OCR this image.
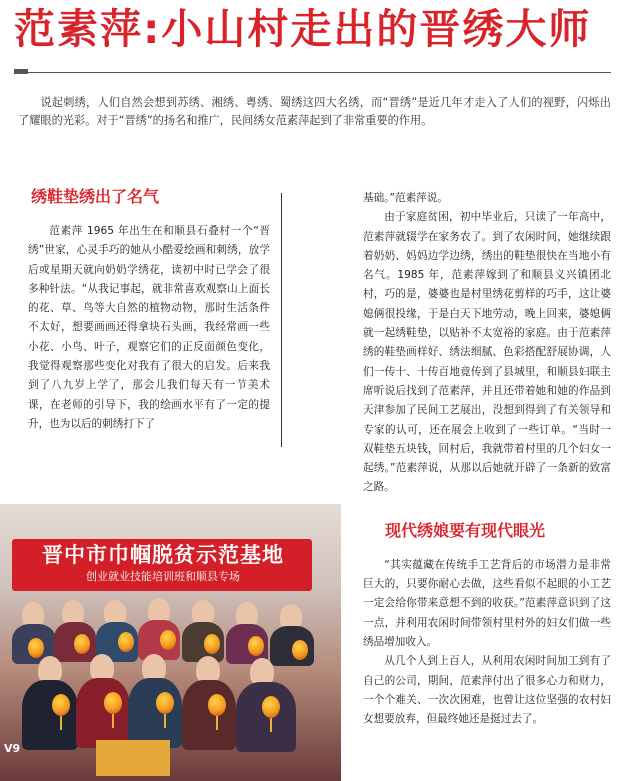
范素萍:小山村走出的晋绣大师

说起刺绣，人们自然会想到苏绣、湘绣、粤绣、蜀绣这四大名绣，而“晋绣”是近几年才走入了人们的视野，闪烁出了耀眼的光彩。对于“晋绣”的扬名和推广，民间绣女范素萍起到了非常重要的作用。

绣鞋垫绣出了名气

范素萍 1965 年出生在和顺县石叠村一个“晋绣”世家，心灵手巧的她从小酷爱绘画和刺绣，放学后或星期天就向奶奶学绣花，读初中时已学会了很多种针法。“从我记事起，就非常喜欢观察山上面长的花、草、鸟等大自然的植物动物，那时生活条件不太好，想要画画还得拿块石头画，我经常画一些小花、小鸟、叶子，观察它们的正反面颜色变化，我觉得观察那些变化对我有了很大的启发。后来我到了八九岁上学了，那会儿我们每天有一节美术课，在老师的引导下，我的绘画水平有了一定的提升，也为以后的刺绣打下了

基础。”范素萍说。

由于家庭贫困，初中毕业后，只读了一年高中，范素萍就辍学在家务农了。到了农闲时间，她继续跟着奶奶、妈妈边学边绣，绣出的鞋垫很快在当地小有名气。1985 年，范素萍嫁到了和顺县义兴镇团北村，巧的是，婆婆也是村里绣花剪样的巧手，这让婆媳俩很投缘，于是白天下地劳动，晚上回来，婆媳俩就一起绣鞋垫，以贴补不太宽裕的家庭。由于范素萍绣的鞋垫画样好、绣法细腻、色彩搭配舒展协调，人们一传十、十传百地竟传到了县城里，和顺县妇联主席听说后找到了范素萍，并且还带着她和她的作品到天津参加了民间工艺展出，没想到得到了有关领导和专家的认可，还在展会上收到了一些订单。“当时一双鞋垫五块钱，回村后，我就带着村里的几个妇女一起绣。”范素萍说，从那以后她就开辟了一条新的致富之路。

现代绣娘要有现代眼光

“其实蕴藏在传统手工艺背后的市场潜力是非常巨大的，只要你耐心去做，这些看似不起眼的小工艺一定会给你带来意想不到的收获。”范素萍意识到了这一点，并利用农闲时间带领村里村外的妇女们做一些绣品增加收入。

从几个人到上百人，从利用农闲时间加工到有了自己的公司，期间，范素萍付出了很多心力和财力，一个个难关、一次次困难，也曾让这位坚强的农村妇女想要放弃，但最终她还是挺过去了。

晋中市巾帼脱贫示范基地
创业就业技能培训班和顺县专场
V9
